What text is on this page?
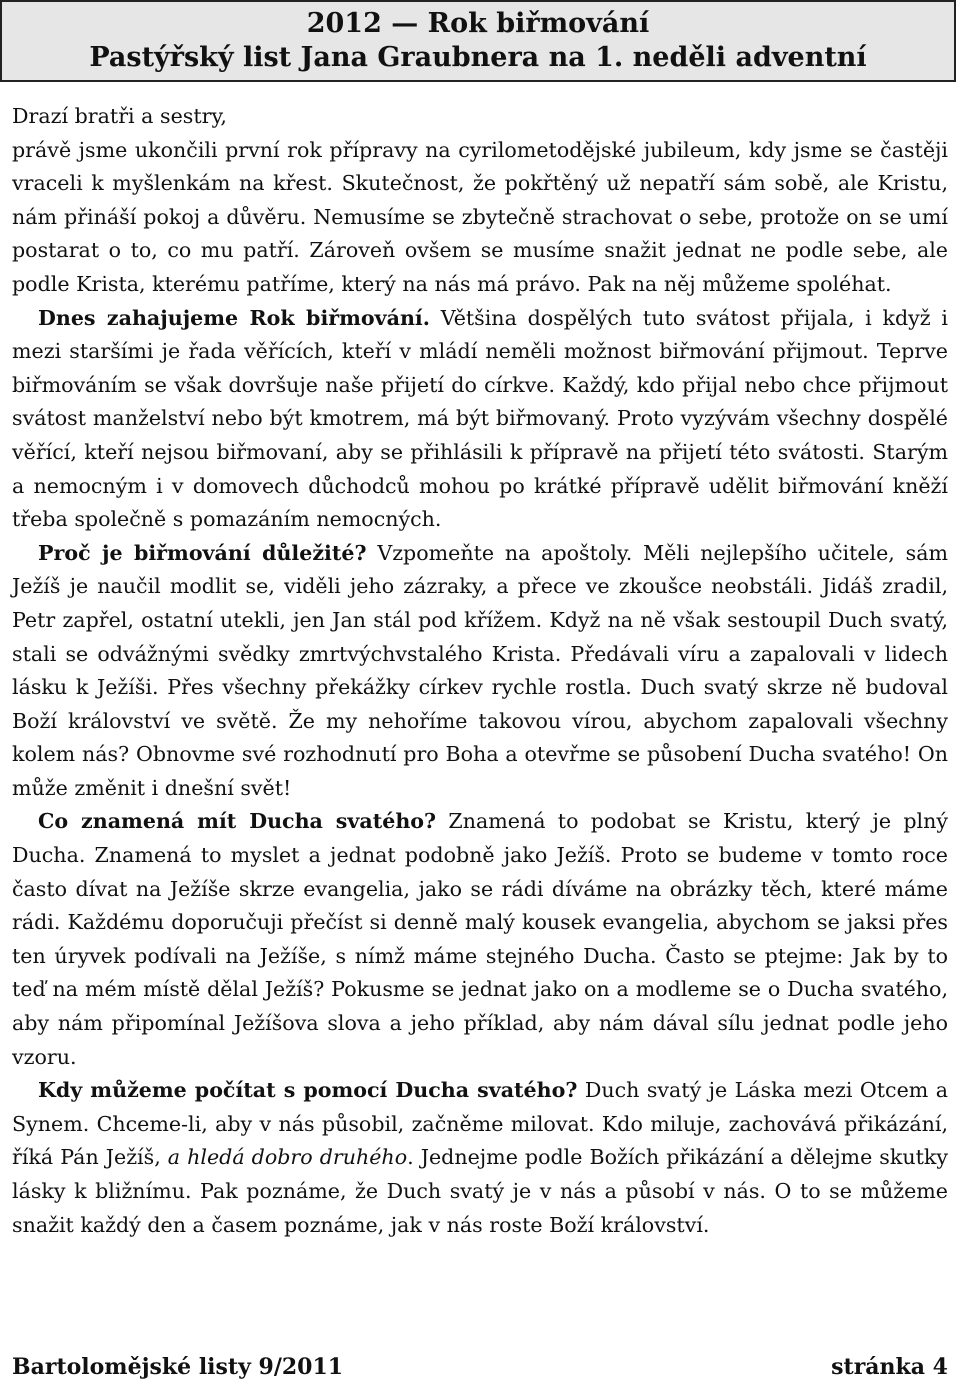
2012 — Rok biřmování
Pastýřský list Jana Graubnera na 1. neděli adventní

Drazí bratři a sestry,

právě jsme ukončili první rok přípravy na cyrilometodějské jubileum, kdy jsme se častěji vraceli k myšlenkám na křest. Skutečnost, že pokřtěný už nepatří sám sobě, ale Kristu, nám přináší pokoj a důvěru. Nemusíme se zbytečně strachovat o sebe, protože on se umí postarat o to, co mu patří. Zároveň ovšem se musíme snažit jednat ne podle sebe, ale podle Krista, kterému patříme, který na nás má právo. Pak na něj můžeme spoléhat.

Dnes zahajujeme Rok biřmování. Většina dospělých tuto svátost přijala, i když i mezi staršími je řada věřících, kteří v mládí neměli možnost biřmování přijmout. Teprve biřmováním se však dovršuje naše přijetí do církve. Každý, kdo přijal nebo chce přijmout svátost manželství nebo být kmotrem, má být biřmovaný. Proto vyzývám všechny dospělé věřící, kteří nejsou biřmovaní, aby se přihlásili k přípravě na přijetí této svátosti. Starým a nemocným i v domovech důchodců mohou po krátké přípravě udělit biřmování kněží třeba společně s pomazáním nemocných.

Proč je biřmování důležité? Vzpomeňte na apoštoly. Měli nejlepšího učitele, sám Ježíš je naučil modlit se, viděli jeho zázraky, a přece ve zkoušce neobstáli. Jidáš zradil, Petr zapřel, ostatní utekli, jen Jan stál pod křížem. Když na ně však sestoupil Duch svatý, stali se odvážnými svědky zmrtvýchvstalého Krista. Předávali víru a zapalovali v lidech lásku k Ježíši. Přes všechny překážky církev rychle rostla. Duch svatý skrze ně budoval Boží království ve světě. Že my nehoříme takovou vírou, abychom zapalovali všechny kolem nás? Obnovme své rozhodnutí pro Boha a otevřme se působení Ducha svatého! On může změnit i dnešní svět!

Co znamená mít Ducha svatého? Znamená to podobat se Kristu, který je plný Ducha. Znamená to myslet a jednat podobně jako Ježíš. Proto se budeme v tomto roce často dívat na Ježíše skrze evangelia, jako se rádi díváme na obrázky těch, které máme rádi. Každému doporučuji přečíst si denně malý kousek evangelia, abychom se jaksi přes ten úryvek podívali na Ježíše, s nímž máme stejného Ducha. Často se ptejme: Jak by to teď na mém místě dělal Ježíš? Pokusme se jednat jako on a modleme se o Ducha svatého, aby nám připomínal Ježíšova slova a jeho příklad, aby nám dával sílu jednat podle jeho vzoru.

Kdy můžeme počítat s pomocí Ducha svatého? Duch svatý je Láska mezi Otcem a Synem. Chceme-li, aby v nás působil, začněme milovat. Kdo miluje, zachovává přikázání, říká Pán Ježíš, a hledá dobro druhého. Jednejme podle Božích přikázání a dělejme skutky lásky k bližnímu. Pak poznáme, že Duch svatý je v nás a působí v nás. O to se můžeme snažit každý den a časem poznáme, jak v nás roste Boží království.

Bartolomějské listy 9/2011	stránka 4
